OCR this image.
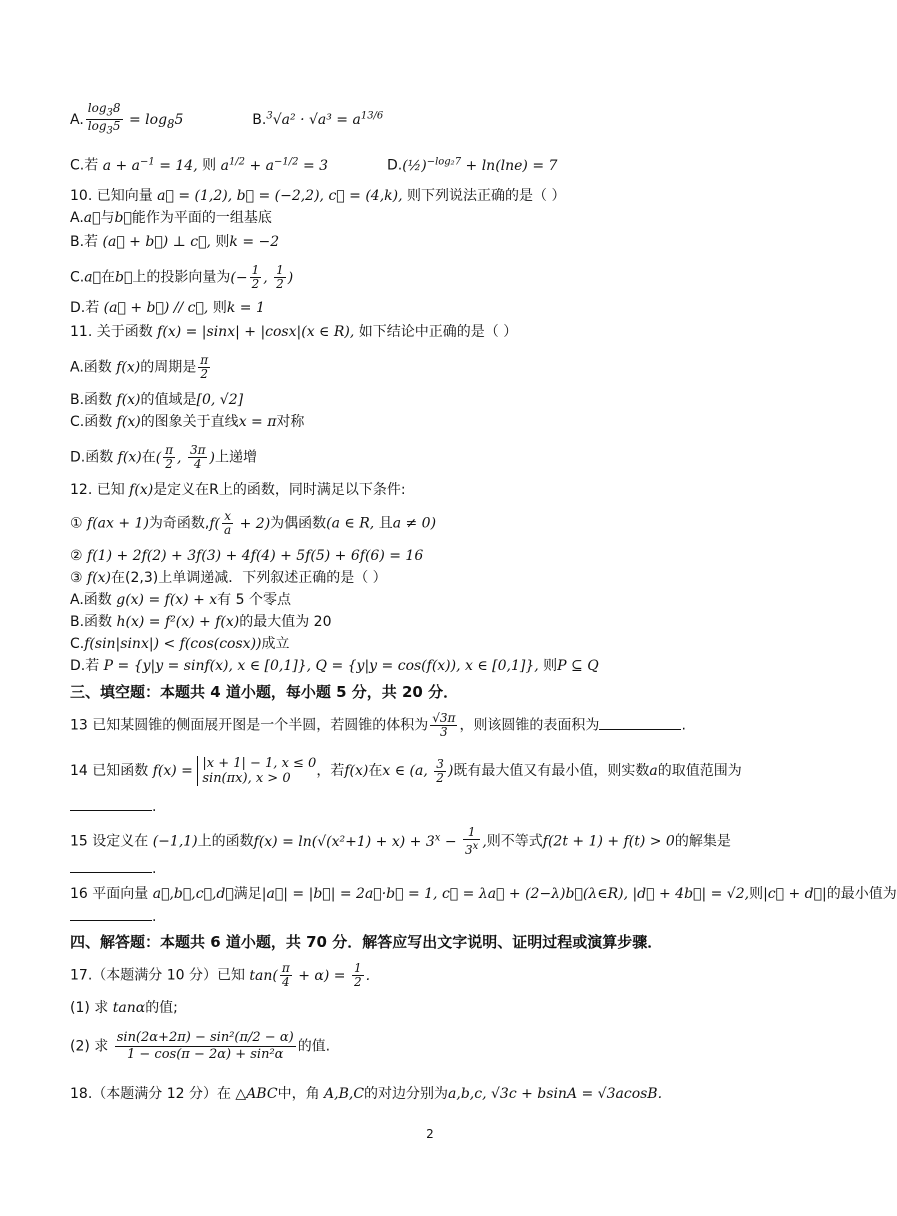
A. $\frac{\log_38}{\log_35} = \log_85$	$B.^3√a^2 \cdot √a^3 = a^{13/6}$
C.若 $a + a^{-1} = 14$, 则 $a^{1/2} + a^{-1/2} = 3$	D.(½)$^{-log_27}$ + ln(lne) = 7
10. 已知向量 a⃗ = (1,2), b⃗ = (−2,2), c⃗ = (4,k), 则下列说法正确的是（ ）
A.a⃗与b⃗能作为平面的一组基底
B.若 (a⃗ + b⃗) ⊥ c⃗, 则k = −2
C.a⃗在b⃗上的投影向量为(− $\frac{1}{2}$ , $\frac{1}{2}$ )
D.若 (a⃗ + b⃗) // c⃗, 则k = 1
11. 关于函数 f(x) = |sinx| + |cosx|(x ∈ R), 如下结论中正确的是（ ）
A.函数 f(x)的周期是 $\frac{\pi}{2}$
B.函数 f(x)的值域是[0, √2]
C.函数 f(x)的图象关于直线x = π对称
D.函数 f(x)在( $\frac{\pi}{2}$ , $\frac{3\pi}{4}$ )上递增
12. 已知 f(x)是定义在R上的函数，同时满足以下条件:
① f(ax + 1)为奇函数$,f( \frac{x}{a} + 2)$为偶函数(a ∈ R, 且a ≠ 0)
② f(1) + 2f(2) + 3f(3) + 4f(4) + 5f(5) + 6f(6) = 16
③ f(x)在(2,3)上单调递减．下列叙述正确的是（ ）
A.函数 g(x) = f(x) + x有 5 个零点
B.函数 h(x) = f²(x) + f(x)的最大值为 20
C.f(sin|sinx|) < f(cos(cosx))成立
D.若 P = {y|y = sinf(x), x ∈ [0,1]}, Q = {y|y = cos(f(x)), x ∈ [0,1]}, 则P ⊆ Q
三、填空题：本题共 4 道小题，每小题 5 分，共 20 分．
13 已知某圆锥的侧面展开图是一个半圆，若圆锥的体积为 $\frac{√3\pi}{3}$ ，则该圆锥的表面积为	.
14 已知函数 f(x) = |x + 1| − 1, x ≤ 0
sin(πx), x > 0 ，若f(x)在x ∈ (a, $\frac{3}{2}$ )既有最大值又有最小值，则实数a的取值范围为
.
15 设定义在 (−1,1)上的函数$f(x) = \ln(√(x^2+1) + x) + 3^x - \frac{1}{3^x}$ ,则不等式f(2t + 1) + f(t) > 0的解集是
.
16 平面向量 a⃗,b⃗,c⃗,d⃗满足|a⃗| = |b⃗| = 2a⃗·b⃗ = 1, c⃗ = λa⃗ + (2−λ)b⃗(λ∈R), |d⃗ + 4b⃗| = √2,则|c⃗ + d⃗|的最小值为
.
四、解答题：本题共 6 道小题，共 70 分．解答应写出文字说明、证明过程或演算步骤．
17.（本题满分 10 分）已知 $\tan( \frac{\pi}{4} + \alpha) = \frac{1}{2}$ .
(1) 求 tanα的值;
(2) 求 $\frac{\text{sin(2α+2π) − sin²(π/2 − α)}}{\text{1 − cos(π − 2α) + sin²α}}$ 的值.
18.（本题满分 12 分）在 △ABC中，角 A,B,C的对边分别为a,b,c, √3c + bsinA = √3acosB.
2
